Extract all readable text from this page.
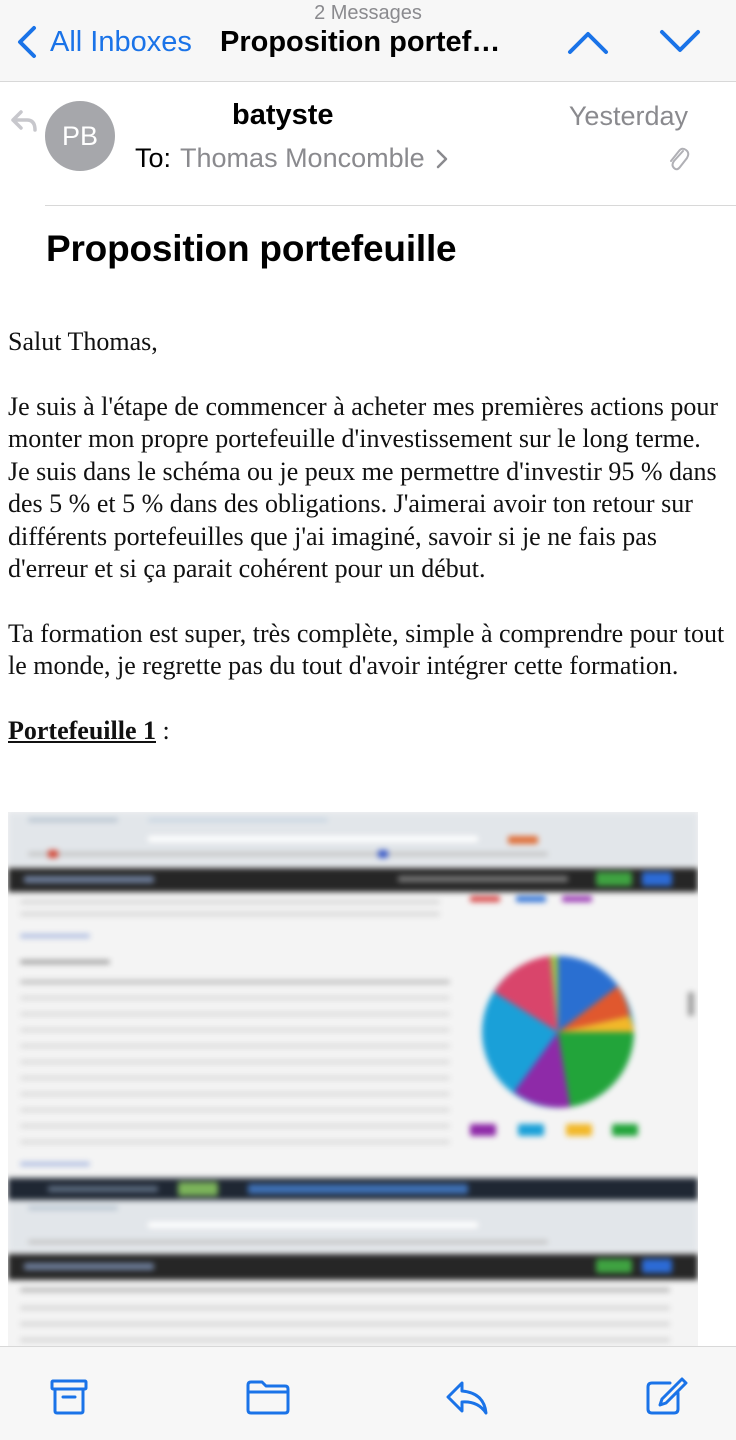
2 Messages
All Inboxes Proposition portef…
PB
batyste	Yesterday
To: Thomas Moncomble
Proposition portefeuille

Salut Thomas,

Je suis à l'étape de commencer à acheter mes premières actions pour monter mon propre portefeuille d'investissement sur le long terme. Je suis dans le schéma ou je peux me permettre d'investir 95 % dans des 5 % et 5 % dans des obligations. J'aimerai avoir ton retour sur différents portefeuilles que j'ai imaginé, savoir si je ne fais pas d'erreur et si ça parait cohérent pour un début.

Ta formation est super, très complète, simple à comprendre pour tout le monde, je regrette pas du tout d'avoir intégrer cette formation.

Portefeuille 1 :
